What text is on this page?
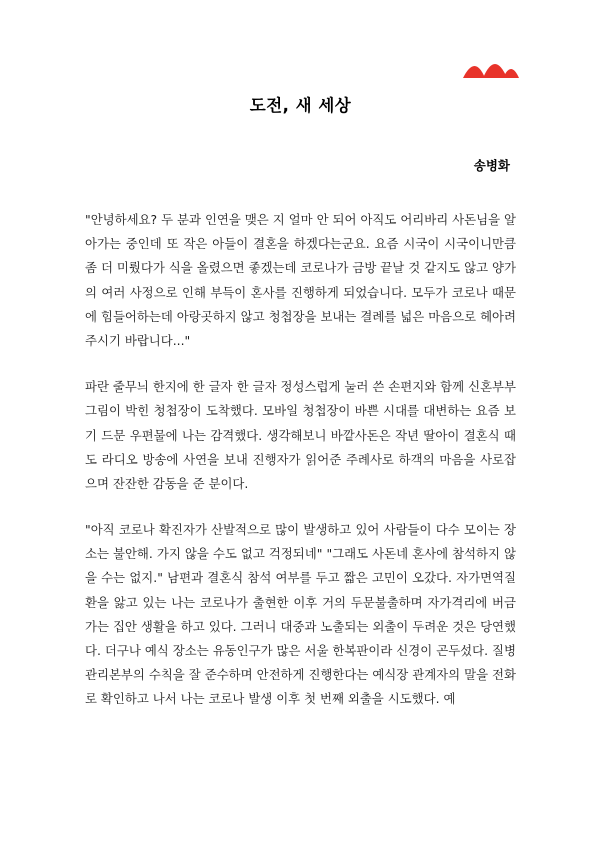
도전, 새 세상
송병화

"안녕하세요? 두 분과 인연을 맺은 지 얼마 안 되어 아직도 어리바리 사돈님을 알아가는 중인데 또 작은 아들이 결혼을 하겠다는군요. 요즘 시국이 시국이니만큼 좀 더 미뤘다가 식을 올렸으면 좋겠는데 코로나가 금방 끝날 것 같지도 않고 양가의 여러 사정으로 인해 부득이 혼사를 진행하게 되었습니다. 모두가 코로나 때문에 힘들어하는데 아랑곳하지 않고 청첩장을 보내는 결례를 넓은 마음으로 헤아려주시기 바랍니다..."

파란 줄무늬 한지에 한 글자 한 글자 정성스럽게 눌러 쓴 손편지와 함께 신혼부부 그림이 박힌 청첩장이 도착했다. 모바일 청첩장이 바쁜 시대를 대변하는 요즘 보기 드문 우편물에 나는 감격했다. 생각해보니 바깥사돈은 작년 딸아이 결혼식 때도 라디오 방송에 사연을 보내 진행자가 읽어준 주례사로 하객의 마음을 사로잡으며 잔잔한 감동을 준 분이다.

"아직 코로나 확진자가 산발적으로 많이 발생하고 있어 사람들이 다수 모이는 장소는 불안해. 가지 않을 수도 없고 걱정되네" "그래도 사돈네 혼사에 참석하지 않을 수는 없지." 남편과 결혼식 참석 여부를 두고 짧은 고민이 오갔다. 자가면역질환을 앓고 있는 나는 코로나가 출현한 이후 거의 두문불출하며 자가격리에 버금가는 집안 생활을 하고 있다. 그러니 대중과 노출되는 외출이 두려운 것은 당연했다. 더구나 예식 장소는 유동인구가 많은 서울 한복판이라 신경이 곤두섰다. 질병관리본부의 수칙을 잘 준수하며 안전하게 진행한다는 예식장 관계자의 말을 전화로 확인하고 나서 나는 코로나 발생 이후 첫 번째 외출을 시도했다. 예
